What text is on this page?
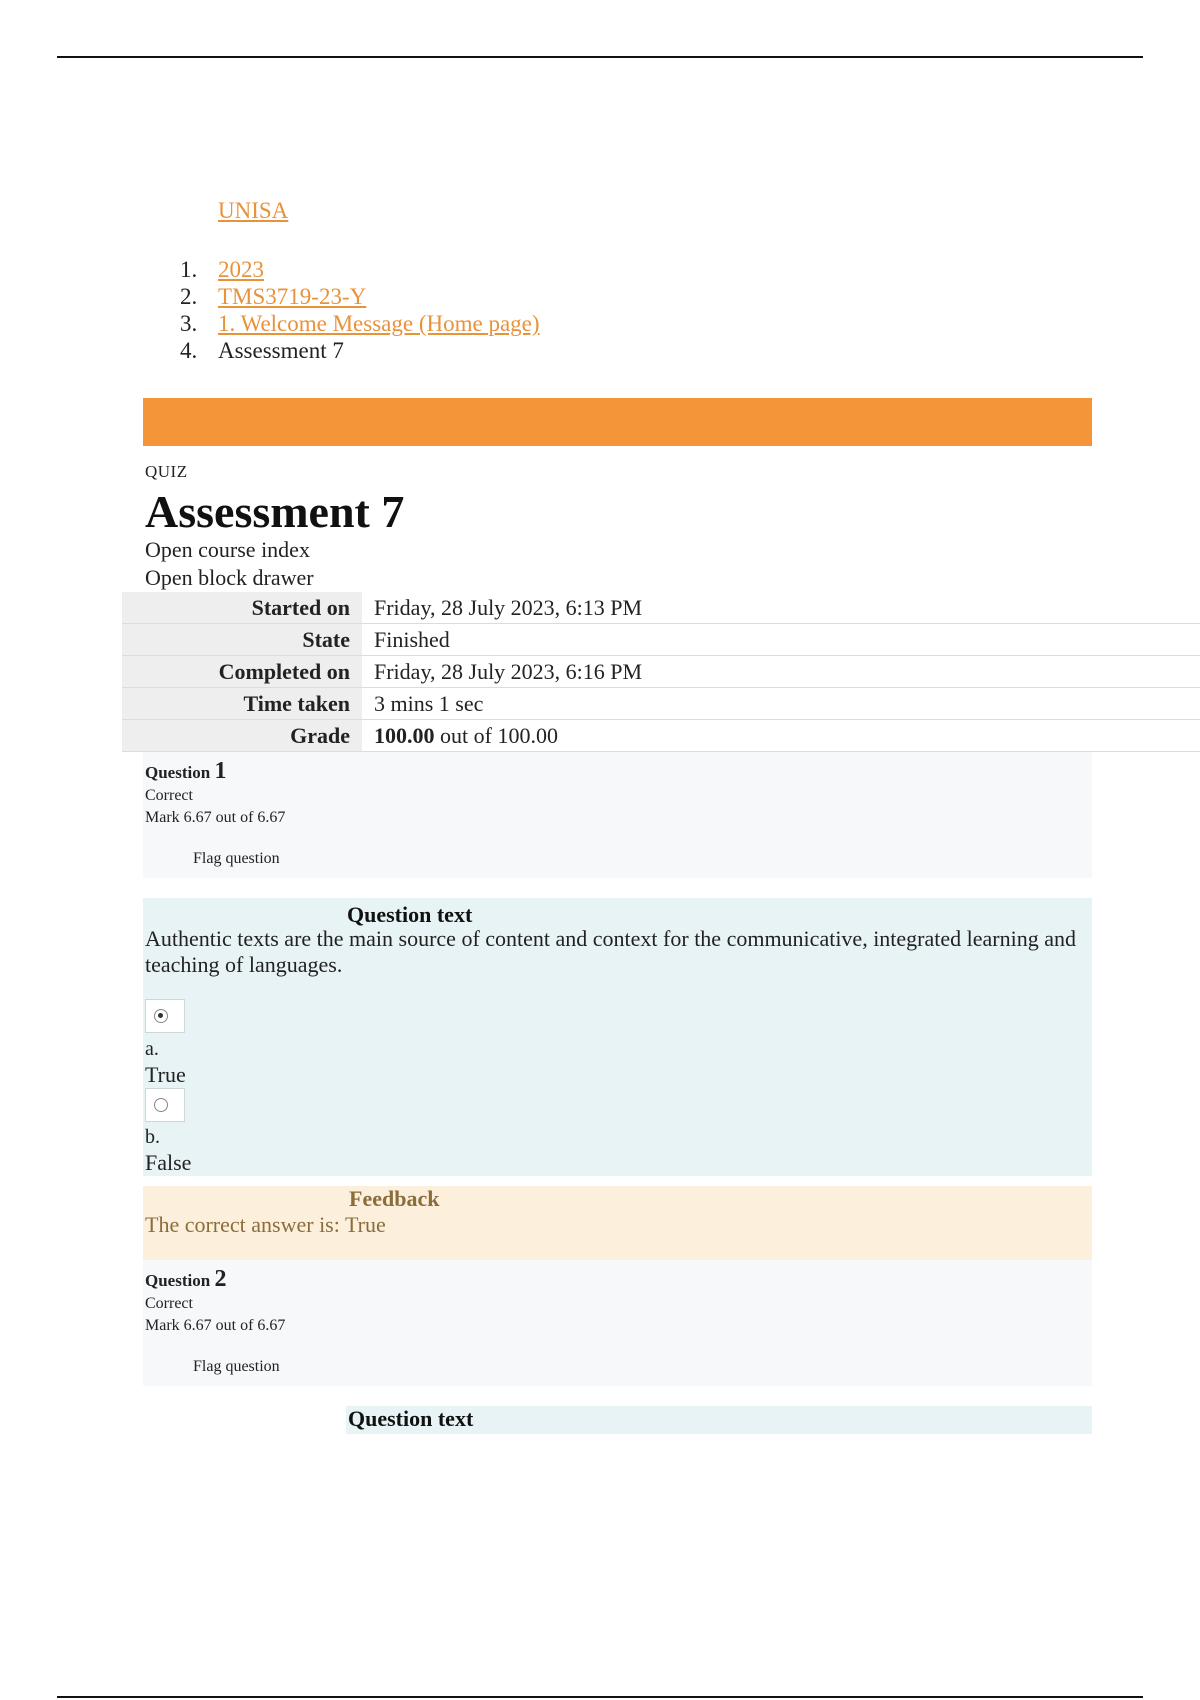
UNISA
1. 2023
2. TMS3719-23-Y
3. 1. Welcome Message (Home page)
4. Assessment 7
QUIZ
Assessment 7
Open course index
Open block drawer
Started on	Friday, 28 July 2023, 6:13 PM
State	Finished
Completed on	Friday, 28 July 2023, 6:16 PM
Time taken	3 mins 1 sec
Grade	100.00 out of 100.00
Question 1
Correct
Mark 6.67 out of 6.67
Flag question
Question text
Authentic texts are the main source of content and context for the communicative, integrated learning and teaching of languages.
a.
True
b.
False
Feedback
The correct answer is: True
Question 2
Correct
Mark 6.67 out of 6.67
Flag question
Question text
